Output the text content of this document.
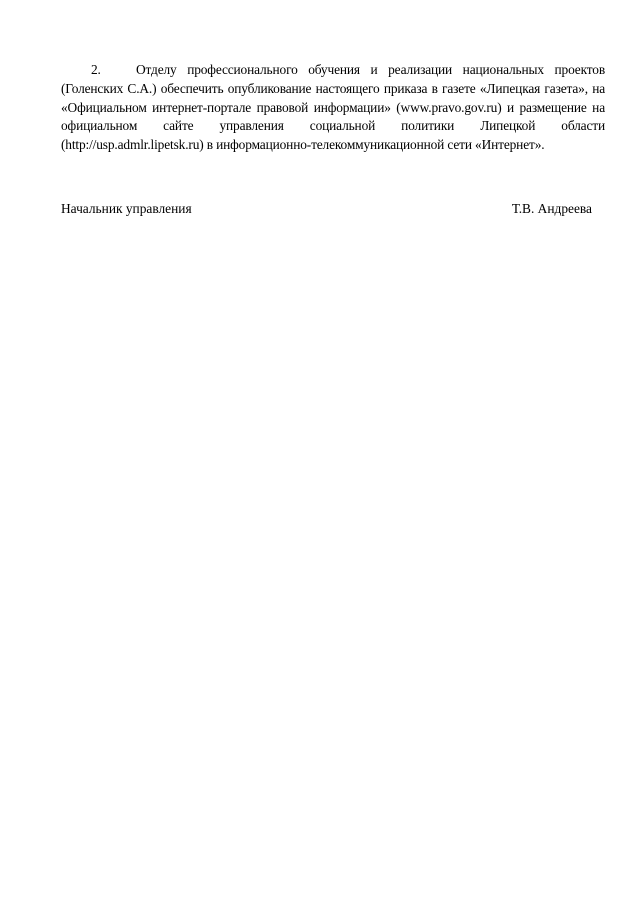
2.	Отделу профессионального обучения и реализации национальных проектов (Голенских С.А.) обеспечить опубликование настоящего приказа в газете «Липецкая газета», на «Официальном интернет-портале правовой информации» (www.pravo.gov.ru) и размещение на официальном сайте управления социальной политики Липецкой области (http://usp.admlr.lipetsk.ru) в информационно-телекоммуникационной сети «Интернет».

Начальник управления	Т.В. Андреева
